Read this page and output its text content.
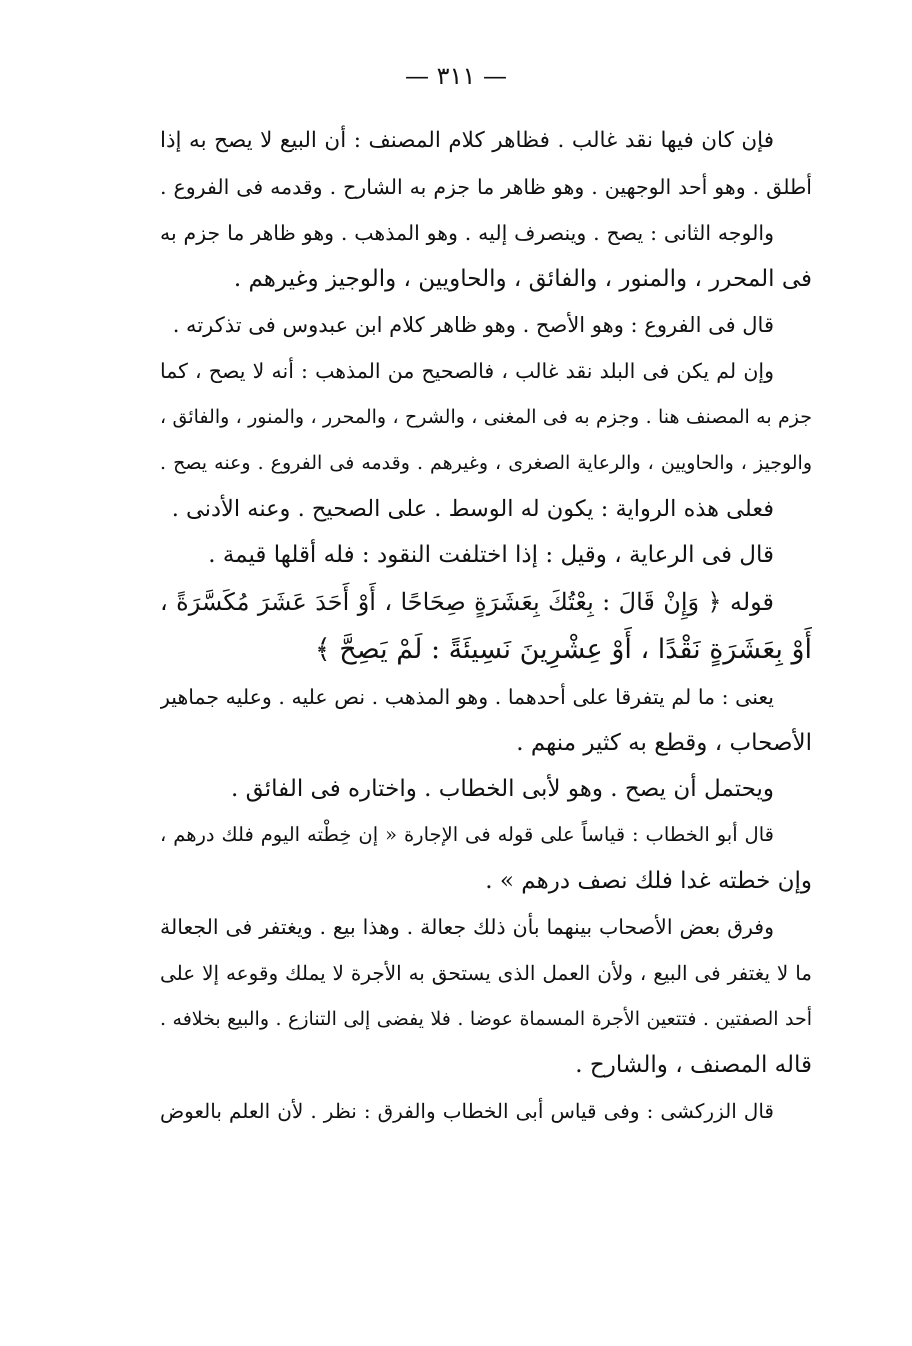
— ٣١١ —
فإن كان فيها نقد غالب . فظاهر كلام المصنف : أن البيع لا يصح به إذا
أطلق . وهو أحد الوجهين . وهو ظاهر ما جزم به الشارح . وقدمه فى الفروع .
والوجه الثانى : يصح . وينصرف إليه . وهو المذهب . وهو ظاهر ما جزم به
فى المحرر ، والمنور ، والفائق ، والحاويين ، والوجيز وغيرهم .
قال فى الفروع : وهو الأصح . وهو ظاهر كلام ابن عبدوس فى تذكرته .
وإن لم يكن فى البلد نقد غالب ، فالصحيح من المذهب : أنه لا يصح ، كما
جزم به المصنف هنا . وجزم به فى المغنى ، والشرح ، والمحرر ، والمنور ، والفائق ،
والوجيز ، والحاويين ، والرعاية الصغرى ، وغيرهم . وقدمه فى الفروع . وعنه يصح .
فعلى هذه الرواية : يكون له الوسط . على الصحيح . وعنه الأدنى .
قال فى الرعاية ، وقيل : إذا اختلفت النقود : فله أقلها قيمة .
قوله ﴿ وَإِنْ قَالَ : بِعْتُكَ بِعَشَرَةٍ صِحَاحًا ، أَوْ أَحَدَ عَشَرَ مُكَسَّرَةً ،
أَوْ بِعَشَرَةٍ نَقْدًا ، أَوْ عِشْرِينَ نَسِيئَةً : لَمْ يَصِحَّ ﴾
يعنى : ما لم يتفرقا على أحدهما . وهو المذهب . نص عليه . وعليه جماهير
الأصحاب ، وقطع به كثير منهم .
ويحتمل أن يصح . وهو لأبى الخطاب . واختاره فى الفائق .
قال أبو الخطاب : قياساً على قوله فى الإجارة « إن خِطْته اليوم فلك درهم ،
وإن خطته غدا فلك نصف درهم » .
وفرق بعض الأصحاب بينهما بأن ذلك جعالة . وهذا بيع . ويغتفر فى الجعالة
ما لا يغتفر فى البيع ، ولأن العمل الذى يستحق به الأجرة لا يملك وقوعه إلا على
أحد الصفتين . فتتعين الأجرة المسماة عوضا . فلا يفضى إلى التنازع . والبيع بخلافه .
قاله المصنف ، والشارح .
قال الزركشى : وفى قياس أبى الخطاب والفرق : نظر . لأن العلم بالعوض
